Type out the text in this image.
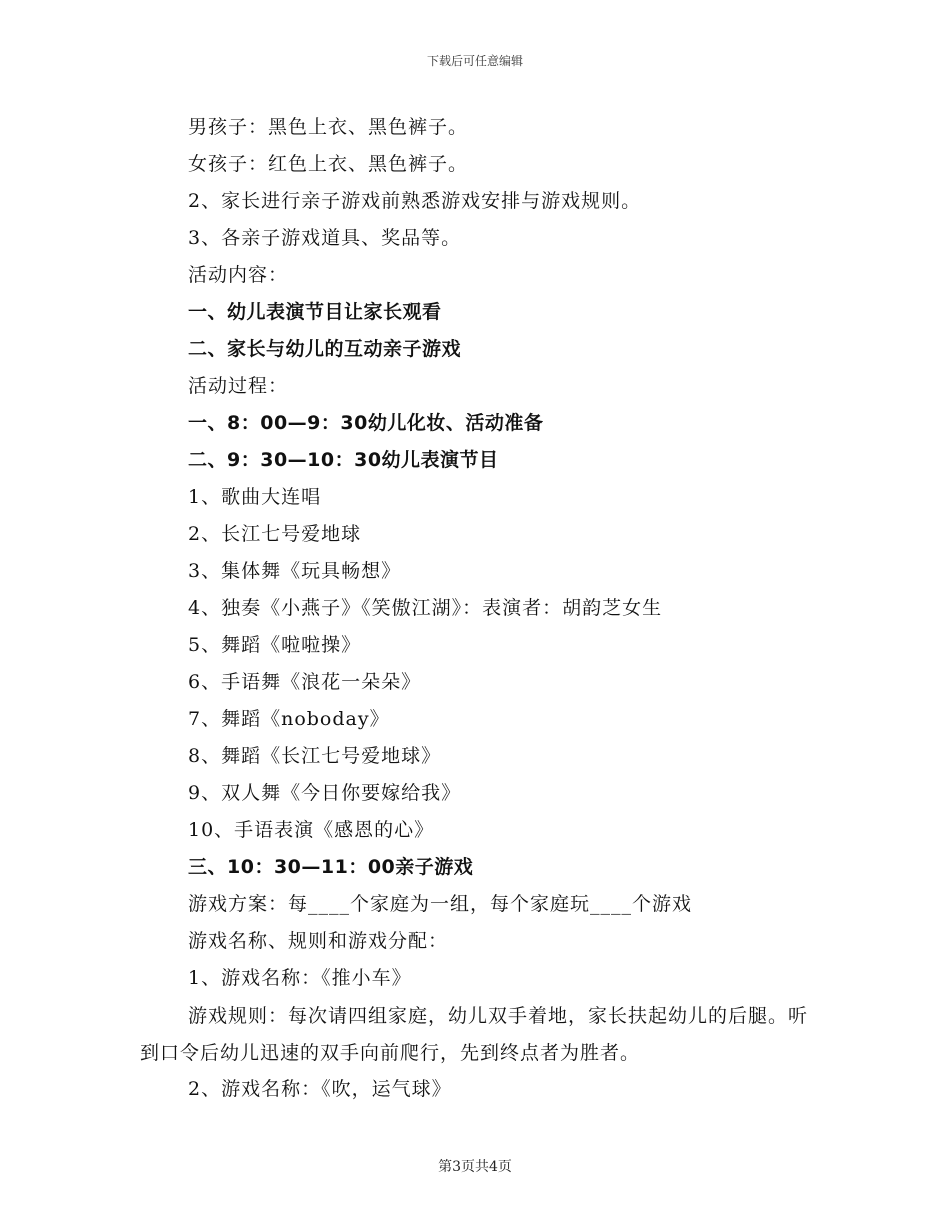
下载后可任意编辑
男孩子：黑色上衣、黑色裤子。
女孩子：红色上衣、黑色裤子。
2、家长进行亲子游戏前熟悉游戏安排与游戏规则。
3、各亲子游戏道具、奖品等。
活动内容：
一、幼儿表演节目让家长观看
二、家长与幼儿的互动亲子游戏
活动过程：
一、8：00—9：30幼儿化妆、活动准备
二、9：30—10：30幼儿表演节目
1、歌曲大连唱
2、长江七号爱地球
3、集体舞《玩具畅想》
4、独奏《小燕子》《笑傲江湖》：表演者：胡韵芝女生
5、舞蹈《啦啦操》
6、手语舞《浪花一朵朵》
7、舞蹈《noboday》
8、舞蹈《长江七号爱地球》
9、双人舞《今日你要嫁给我》
10、手语表演《感恩的心》
三、10：30—11：00亲子游戏
游戏方案：每____个家庭为一组，每个家庭玩____个游戏
游戏名称、规则和游戏分配：
1、游戏名称：《推小车》
游戏规则：每次请四组家庭，幼儿双手着地，家长扶起幼儿的后腿。听到口令后幼儿迅速的双手向前爬行，先到终点者为胜者。
2、游戏名称：《吹，运气球》
第3页共4页
